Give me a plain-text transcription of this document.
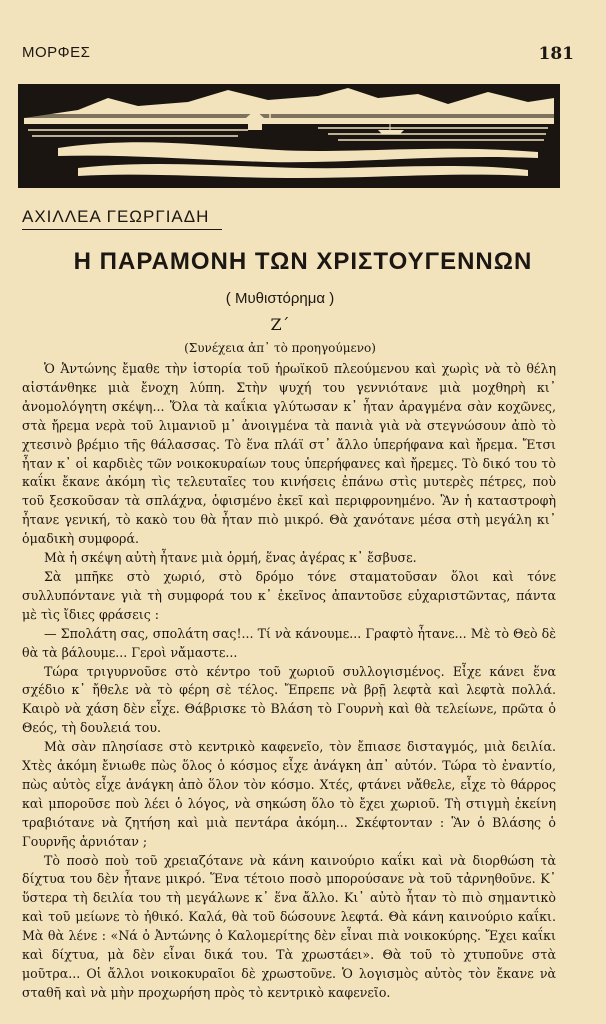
ΜΟΡΦΕΣ	181
ΑΧΙΛΛΕΑ ΓΕΩΡΓΙΑΔΗ
Η ΠΑΡΑΜΟΝΗ ΤΩΝ ΧΡΙΣΤΟΥΓΕΝΝΩΝ
( Μυθιστόρημα )
Ζ΄
(Συνέχεια ἀπ᾿ τὸ προηγούμενο)

Ὁ Ἀντώνης ἔμαθε τὴν ἱστορία τοῦ ἡρωϊκοῦ πλεούμενου καὶ χωρὶς νὰ τὸ θέλη αἰστάνθηκε μιὰ ἔνοχη λύπη. Στὴν ψυχή του γεννιότανε μιὰ μοχθηρὴ κι᾿ ἀνομολόγητη σκέψη... Ὅλα τὰ καΐκια γλύτωσαν κ᾿ ἦταν ἀραγμένα σὰν κοχῶνες, στὰ ἤρεμα νερὰ τοῦ λιμανιοῦ μ᾿ ἀνοιγμένα τὰ πανιὰ γιὰ νὰ στεγνώσουν ἀπὸ τὸ χτεσινὸ βρέμιο τῆς θάλασσας. Τὸ ἕνα πλάϊ στ᾿ ἄλλο ὑπερήφανα καὶ ἤρεμα. Ἔτσι ἦταν κ᾿ οἱ καρδιὲς τῶν νοικοκυραίων τους ὑπερήφανες καὶ ἤρεμες. Τὸ δικό του τὸ καΐκι ἔκανε ἀκόμη τὶς τελευταῖες του κινήσεις ἐπάνω στὶς μυτερὲς πέτρες, ποὺ τοῦ ξεσκοῦσαν τὰ σπλάχνα, ὁφισμένο ἐκεῖ καὶ περιφρονημένο. Ἂν ἡ καταστροφὴ ἦτανε γενική, τὸ κακὸ του θὰ ἦταν πιὸ μικρό. Θὰ χανότανε μέσα στὴ μεγάλη κι᾿ ὁμαδικὴ συμφορά.

Μὰ ἡ σκέψη αὐτὴ ἦτανε μιὰ ὁρμή, ἕνας ἀγέρας κ᾿ ἔσβυσε.

Σὰ μπῆκε στὸ χωριό, στὸ δρόμο τόνε σταματοῦσαν ὅλοι καὶ τόνε συλλυπόντανε γιὰ τὴ συμφορά του κ᾿ ἐκεῖνος ἀπαντοῦσε εὐχαριστῶντας, πάντα μὲ τὶς ἴδιες φράσεις :

— Σπολάτη σας, σπολάτη σας!... Τί νὰ κάνουμε... Γραφτὸ ἦτανε... Μὲ τὸ Θεὸ δὲ θὰ τὰ βάλουμε... Γεροὶ νἄμαστε...

Τώρα τριγυρνοῦσε στὸ κέντρο τοῦ χωριοῦ συλλογισμένος. Εἶχε κάνει ἕνα σχέδιο κ᾿ ἤθελε νὰ τὸ φέρη σὲ τέλος. Ἔπρεπε νὰ βρῇ λεφτὰ καὶ λεφτὰ πολλά. Καιρὸ νὰ χάση δὲν εἶχε. Θάβρισκε τὸ Βλάση τὸ Γουρνὴ καὶ θὰ τελείωνε, πρῶτα ὁ Θεός, τὴ δουλειά του.

Μὰ σὰν πλησίασε στὸ κεντρικὸ καφενεῖο, τὸν ἔπιασε δισταγμός, μιὰ δειλία. Χτὲς ἀκόμη ἔνιωθε πὼς ὅλος ὁ κόσμος εἶχε ἀνάγκη ἀπ᾿ αὐτόν. Τώρα τὸ ἐναντίο, πὼς αὐτὸς εἶχε ἀνάγκη ἀπὸ ὅλον τὸν κόσμο. Χτές, φτάνει νἄθελε, εἶχε τὸ θάρρος καὶ μποροῦσε ποὺ λέει ὁ λόγος, νὰ σηκώση ὅλο τὸ ἔχει χωριοῦ. Τὴ στιγμὴ ἐκείνη τραβιότανε νὰ ζητήση καὶ μιὰ πεντάρα ἀκόμη... Σκέφτονταν : Ἂν ὁ Βλάσης ὁ Γουρνῆς ἀρνιόταν ;

Τὸ ποσὸ ποὺ τοῦ χρειαζότανε νὰ κάνη καινούριο καΐκι καὶ νὰ διορθώση τὰ δίχτυα του δὲν ἦτανε μικρό. Ἕνα τέτοιο ποσὸ μπορούσανε νὰ τοῦ τἀρνηθοῦνε. Κ᾿ ὕστερα τὴ δειλία του τὴ μεγάλωνε κ᾿ ἕνα ἄλλο. Κι᾿ αὐτὸ ἦταν τὸ πιὸ σημαντικὸ καὶ τοῦ μείωνε τὸ ἠθικό. Καλά, θὰ τοῦ δώσουνε λεφτά. Θὰ κάνη καινούριο καΐκι. Μὰ θὰ λένε : «Νά ὁ Ἀντώνης ὁ Καλομερίτης δὲν εἶναι πιὰ νοικοκύρης. Ἔχει καΐκι καὶ δίχτυα, μὰ δὲν εἶναι δικά του. Τὰ χρωστάει». Θὰ τοῦ τὸ χτυποῦνε στὰ μοῦτρα... Οἱ ἄλλοι νοικοκυραῖοι δὲ χρωστοῦνε. Ὁ λογισμὸς αὐτὸς τὸν ἔκανε νὰ σταθῆ καὶ νὰ μὴν προχωρήση πρὸς τὸ κεντρικὸ καφενεῖο.
